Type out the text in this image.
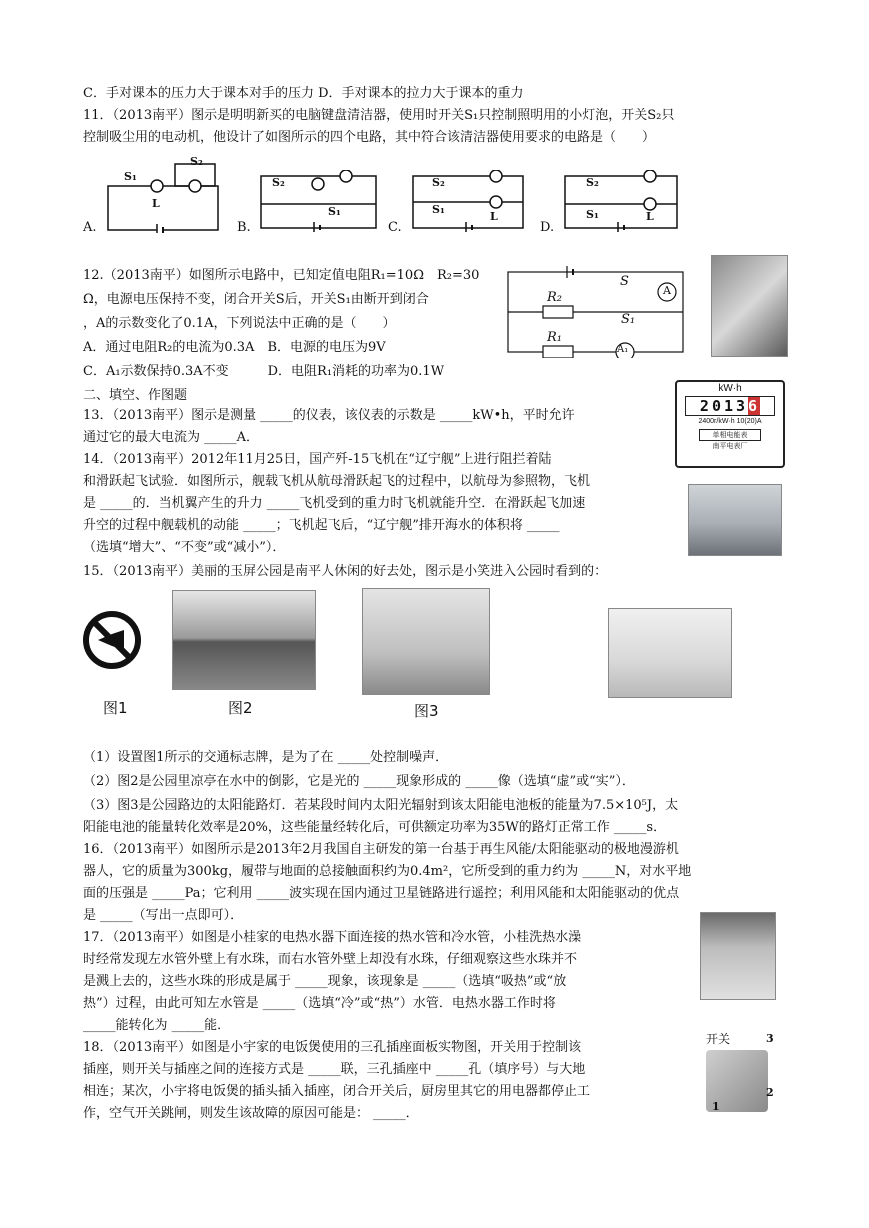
C．手对课本的压力大于课本对手的压力 D．手对课本的拉力大于课本的重力
11．（2013南平）图示是明明新买的电脑键盘清洁器，使用时开关S₁只控制照明用的小灯泡，开关S₂只
控制吸尘用的电动机，他设计了如图所示的四个电路，其中符合该清洁器使用要求的电路是（　　）
A.
S₁
S₂
L
B.
S₂
S₁
C.
S₂
S₁
L
D.
S₂
S₁	L
12.（2013南平）如图所示电路中，已知定值电阻R₁=10Ω　R₂=30
Ω，电源电压保持不变，闭合开关S后，开关S₁由断开到闭合
，A的示数变化了0.1A，下列说法中正确的是（　　）
A．通过电阻R₂的电流为0.3A　B．电源的电压为9V
C．A₁示数保持0.3A不变　　　D．电阻R₁消耗的功率为0.1W
S
S₁
R₂
R₁
A
A₁
二、填空、作图题
13．（2013南平）图示是测量 _____的仪表，该仪表的示数是 _____kW•h，平时允许
通过它的最大电流为 _____A．
kW·h
20136
2400r/kW·h 10(20)A
单相电能表
南平电表厂
14．（2013南平）2012年11月25日，国产歼-15飞机在“辽宁舰”上进行阻拦着陆
和滑跃起飞试验．如图所示，舰载飞机从航母滑跃起飞的过程中，以航母为参照物，飞机
是 _____的．当机翼产生的升力 _____飞机受到的重力时飞机就能升空．在滑跃起飞加速
升空的过程中舰载机的动能 _____；飞机起飞后，“辽宁舰”排开海水的体积将 _____
（选填“增大”、“不变”或“减小”）．
15．（2013南平）美丽的玉屏公园是南平人休闲的好去处，图示是小笑进入公园时看到的：
图1	图2	图3
（1）设置图1所示的交通标志牌，是为了在 _____处控制噪声．
（2）图2是公园里凉亭在水中的倒影，它是光的 _____现象形成的 _____像（选填“虚”或“实”）．
（3）图3是公园路边的太阳能路灯．若某段时间内太阳光辐射到该太阳能电池板的能量为7.5×10⁵J，太
阳能电池的能量转化效率是20%，这些能量经转化后，可供额定功率为35W的路灯正常工作 _____s．
16．（2013南平）如图所示是2013年2月我国自主研发的第一台基于再生风能/太阳能驱动的极地漫游机
器人，它的质量为300kg，履带与地面的总接触面积约为0.4m²，它所受到的重力约为 _____N，对水平地
面的压强是 _____Pa；它利用 _____波实现在国内通过卫星链路进行遥控；利用风能和太阳能驱动的优点
是 _____（写出一点即可）．
17．（2013南平）如图是小桂家的电热水器下面连接的热水管和冷水管，小桂洗热水澡
时经常发现左水管外壁上有水珠，而右水管外壁上却没有水珠，仔细观察这些水珠并不
是溅上去的，这些水珠的形成是属于 _____现象，该现象是 _____（选填“吸热”或“放
热”）过程，由此可知左水管是 _____（选填“冷”或“热”）水管．电热水器工作时将
_____能转化为 _____能．
18．（2013南平）如图是小宇家的电饭煲使用的三孔插座面板实物图，开关用于控制该
插座，则开关与插座之间的连接方式是 _____联，三孔插座中 _____孔（填序号）与大地
相连；某次，小宇将电饭煲的插头插入插座，闭合开关后，厨房里其它的用电器都停止工
作，空气开关跳闸，则发生该故障的原因可能是： _____．
开关	3
2
1
